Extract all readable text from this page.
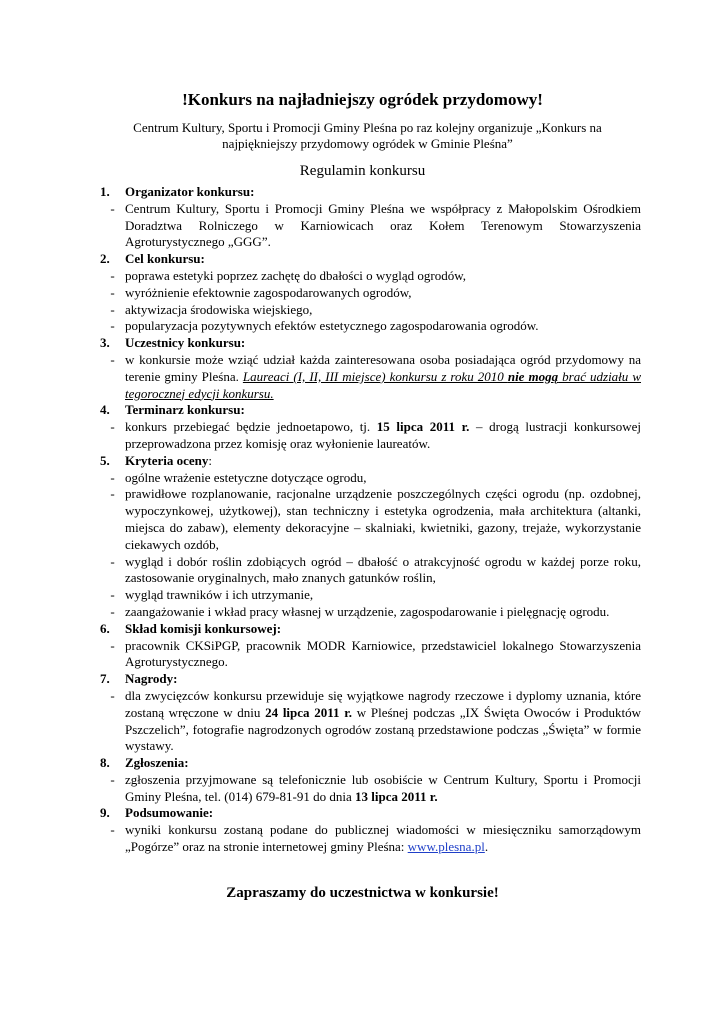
!Konkurs na najładniejszy ogródek przydomowy!
Centrum Kultury, Sportu i Promocji Gminy Pleśna po raz kolejny organizuje „Konkurs na najpiękniejszy przydomowy ogródek w Gminie Pleśna”
Regulamin konkursu
1. Organizator konkursu:
- Centrum Kultury, Sportu i Promocji Gminy Pleśna we współpracy z Małopolskim Ośrodkiem Doradztwa Rolniczego w Karniowicach oraz Kołem Terenowym Stowarzyszenia Agroturystycznego „GGG”.
2. Cel konkursu:
- poprawa estetyki poprzez zachętę do dbałości o wygląd ogrodów,
- wyróżnienie efektownie zagospodarowanych ogrodów,
- aktywizacja środowiska wiejskiego,
- popularyzacja pozytywnych efektów estetycznego zagospodarowania ogrodów.
3. Uczestnicy konkursu:
- w konkursie może wziąć udział każda zainteresowana osoba posiadająca ogród przydomowy na terenie gminy Pleśna. Laureaci (I, II, III miejsce) konkursu z roku 2010 nie mogą brać udziału w tegorocznej edycji konkursu.
4. Terminarz konkursu:
- konkurs przebiegać będzie jednoetapowo, tj. 15 lipca 2011 r. – drogą lustracji konkursowej przeprowadzona przez komisję oraz wyłonienie laureatów.
5. Kryteria oceny:
- ogólne wrażenie estetyczne dotyczące ogrodu,
- prawidłowe rozplanowanie, racjonalne urządzenie poszczególnych części ogrodu (np. ozdobnej, wypoczynkowej, użytkowej), stan techniczny i estetyka ogrodzenia, mała architektura (altanki, miejsca do zabaw), elementy dekoracyjne – skalniaki, kwietniki, gazony, trejaże, wykorzystanie ciekawych ozdób,
- wygląd i dobór roślin zdobiących ogród – dbałość o atrakcyjność ogrodu w każdej porze roku, zastosowanie oryginalnych, mało znanych gatunków roślin,
- wygląd trawników i ich utrzymanie,
- zaangażowanie i wkład pracy własnej w urządzenie, zagospodarowanie i pielęgnację ogrodu.
6. Skład komisji konkursowej:
- pracownik CKSiPGP, pracownik MODR Karniowice, przedstawiciel lokalnego Stowarzyszenia Agroturystycznego.
7. Nagrody:
- dla zwycięzców konkursu przewiduje się wyjątkowe nagrody rzeczowe i dyplomy uznania, które zostaną wręczone w dniu 24 lipca 2011 r. w Pleśnej podczas „IX Święta Owoców i Produktów Pszczelich”, fotografie nagrodzonych ogrodów zostaną przedstawione podczas „Święta” w formie wystawy.
8. Zgłoszenia:
- zgłoszenia przyjmowane są telefonicznie lub osobiście w Centrum Kultury, Sportu i Promocji Gminy Pleśna, tel. (014) 679-81-91 do dnia 13 lipca 2011 r.
9. Podsumowanie:
- wyniki konkursu zostaną podane do publicznej wiadomości w miesięczniku samorządowym „Pogórze” oraz na stronie internetowej gminy Pleśna: www.plesna.pl.
Zapraszamy do uczestnictwa w konkursie!
